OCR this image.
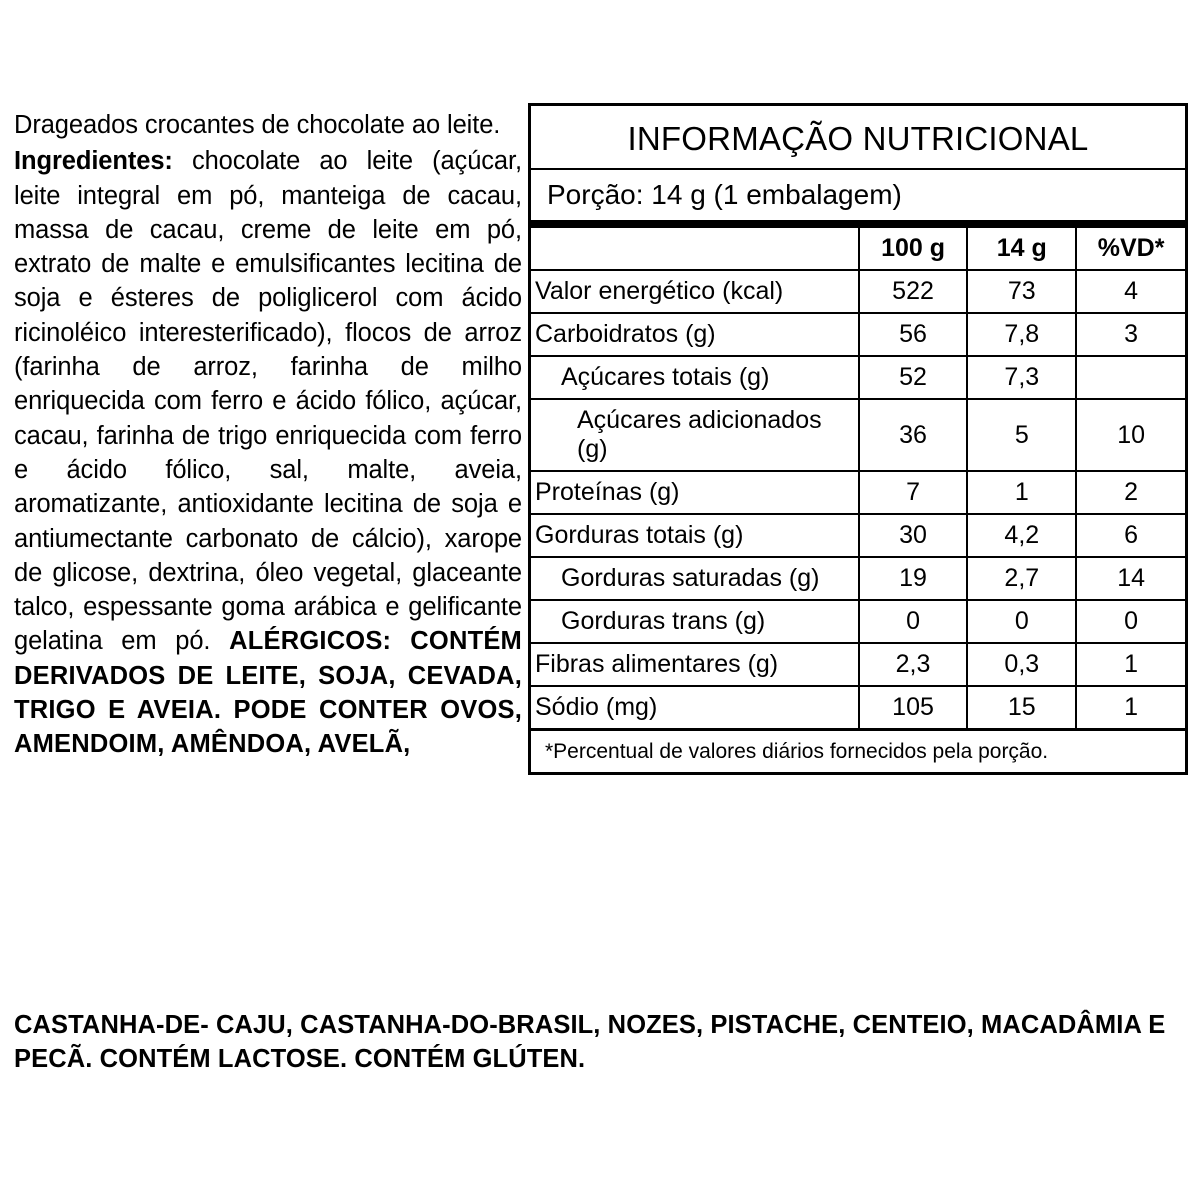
Drageados crocantes de chocolate ao leite.
Ingredientes: chocolate ao leite (açúcar, leite integral em pó, manteiga de cacau, massa de cacau, creme de leite em pó, extrato de malte e emulsificantes lecitina de soja e ésteres de poliglicerol com ácido ricinoléico interesterificado), flocos de arroz (farinha de arroz, farinha de milho enriquecida com ferro e ácido fólico, açúcar, cacau, farinha de trigo enriquecida com ferro e ácido fólico, sal, malte, aveia, aromatizante, antioxidante lecitina de soja e antiumectante carbonato de cálcio), xarope de glicose, dextrina, óleo vegetal, glaceante talco, espessante goma arábica e gelificante gelatina em pó. ALÉRGICOS: CONTÉM DERIVADOS DE LEITE, SOJA, CEVADA, TRIGO E AVEIA. PODE CONTER OVOS, AMENDOIM, AMÊNDOA, AVELÃ,
CASTANHA-DE- CAJU, CASTANHA-DO-BRASIL, NOZES, PISTACHE, CENTEIO, MACADÂMIA E PECÃ. CONTÉM LACTOSE. CONTÉM GLÚTEN.
INFORMAÇÃO NUTRICIONAL
Porção: 14 g (1 embalagem)
	100 g	14 g	%VD*
Valor energético (kcal)	522	73	4
Carboidratos (g)	56	7,8	3
Açúcares totais (g)	52	7,3	
Açúcares adicionados (g)	36	5	10
Proteínas (g)	7	1	2
Gorduras totais (g)	30	4,2	6
Gorduras saturadas (g)	19	2,7	14
Gorduras trans (g)	0	0	0
Fibras alimentares (g)	2,3	0,3	1
Sódio (mg)	105	15	1
*Percentual de valores diários fornecidos pela porção.
